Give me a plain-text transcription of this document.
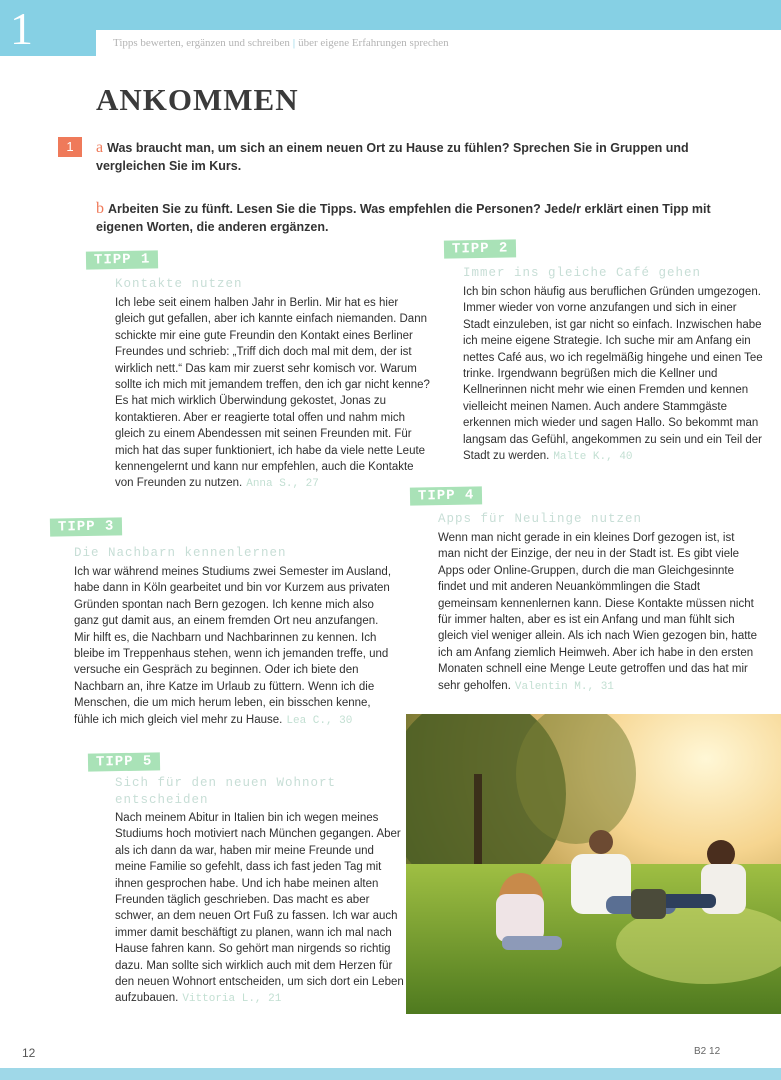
1	Tipps bewerten, ergänzen und schreiben | über eigene Erfahrungen sprechen
ANKOMMEN
1	a Was braucht man, um sich an einem neuen Ort zu Hause zu fühlen? Sprechen Sie in Gruppen und vergleichen Sie im Kurs.

b Arbeiten Sie zu fünft. Lesen Sie die Tipps. Was empfehlen die Personen? Jede/r erklärt einen Tipp mit eigenen Worten, die anderen ergänzen.

TIPP 1
Kontakte nutzen

Ich lebe seit einem halben Jahr in Berlin. Mir hat es hier gleich gut gefallen, aber ich kannte einfach niemanden. Dann schickte mir eine gute Freundin den Kontakt eines Berliner Freundes und schrieb: „Triff dich doch mal mit dem, der ist wirklich nett.“ Das kam mir zuerst sehr komisch vor. Warum sollte ich mich mit jemandem treffen, den ich gar nicht kenne? Es hat mich wirklich Überwindung gekostet, Jonas zu kontaktieren. Aber er reagierte total offen und nahm mich gleich zu einem Abendessen mit seinen Freunden mit. Für mich hat das super funktioniert, ich habe da viele nette Leute kennengelernt und kann nur empfehlen, auch die Kontakte von Freunden zu nutzen. Anna S., 27

TIPP 2
Immer ins gleiche Café gehen

Ich bin schon häufig aus beruflichen Gründen umgezogen. Immer wieder von vorne anzufangen und sich in einer Stadt einzuleben, ist gar nicht so einfach. Inzwischen habe ich meine eigene Strategie. Ich suche mir am Anfang ein nettes Café aus, wo ich regelmäßig hingehe und einen Tee trinke. Irgendwann begrüßen mich die Kellner und Kellnerinnen nicht mehr wie einen Fremden und kennen vielleicht meinen Namen. Auch andere Stammgäste erkennen mich wieder und sagen Hallo. So bekommt man langsam das Gefühl, angekommen zu sein und ein Teil der Stadt zu werden. Malte K., 40

TIPP 3
Die Nachbarn kennenlernen

Ich war während meines Studiums zwei Semester im Ausland, habe dann in Köln gearbeitet und bin vor Kurzem aus privaten Gründen spontan nach Bern gezogen. Ich kenne mich also ganz gut damit aus, an einem fremden Ort neu anzufangen. Mir hilft es, die Nachbarn und Nachbarinnen zu kennen. Ich bleibe im Treppenhaus stehen, wenn ich jemanden treffe, und versuche ein Gespräch zu beginnen. Oder ich biete den Nachbarn an, ihre Katze im Urlaub zu füttern. Wenn ich die Menschen, die um mich herum leben, ein bisschen kenne, fühle ich mich gleich viel mehr zu Hause. Lea C., 30

TIPP 4
Apps für Neulinge nutzen

Wenn man nicht gerade in ein kleines Dorf gezogen ist, ist man nicht der Einzige, der neu in der Stadt ist. Es gibt viele Apps oder Online-Gruppen, durch die man Gleichgesinnte findet und mit anderen Neuankömmlingen die Stadt gemeinsam kennenlernen kann. Diese Kontakte müssen nicht für immer halten, aber es ist ein Anfang und man fühlt sich gleich viel weniger allein. Als ich nach Wien gezogen bin, hatte ich am Anfang ziemlich Heimweh. Aber ich habe in den ersten Monaten schnell eine Menge Leute getroffen und das hat mir sehr geholfen. Valentin M., 31

TIPP 5
Sich für den neuen Wohnort entscheiden

Nach meinem Abitur in Italien bin ich wegen meines Studiums hoch motiviert nach München gegangen. Aber als ich dann da war, haben mir meine Freunde und meine Familie so gefehlt, dass ich fast jeden Tag mit ihnen gesprochen habe. Und ich habe meinen alten Freunden täglich geschrieben. Das macht es aber schwer, an dem neuen Ort Fuß zu fassen. Ich war auch immer damit beschäftigt zu planen, wann ich mal nach Hause fahren kann. So gehört man nirgends so richtig dazu. Man sollte sich wirklich auch mit dem Herzen für den neuen Wohnort entscheiden, um sich dort ein Leben aufzubauen. Vittoria L., 21

12	B2 12
